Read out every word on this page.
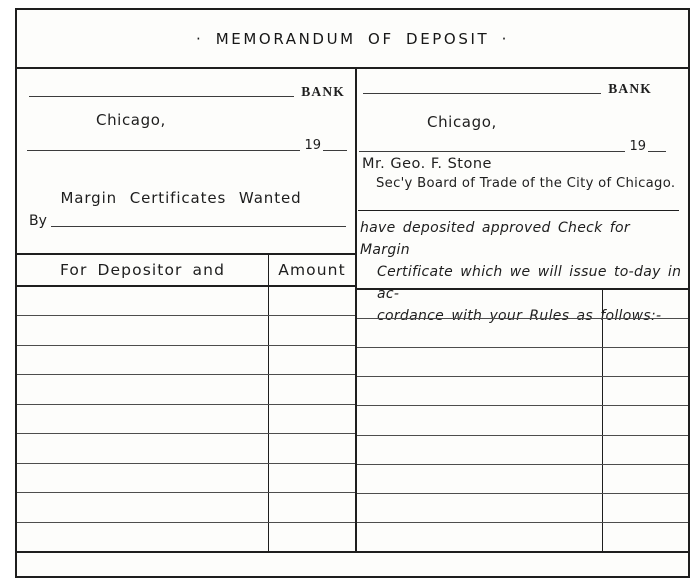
· MEMORANDUM OF DEPOSIT ·
BANK
Chicago,
19
Margin Certificates Wanted
By
For Depositor and	Amount
BANK
Chicago,
19
Mr. Geo. F. Stone
Sec'y Board of Trade of the City of Chicago.
have deposited approved Check for Margin
Certificate which we will issue to-day in ac-
cordance with your Rules as follows:-
